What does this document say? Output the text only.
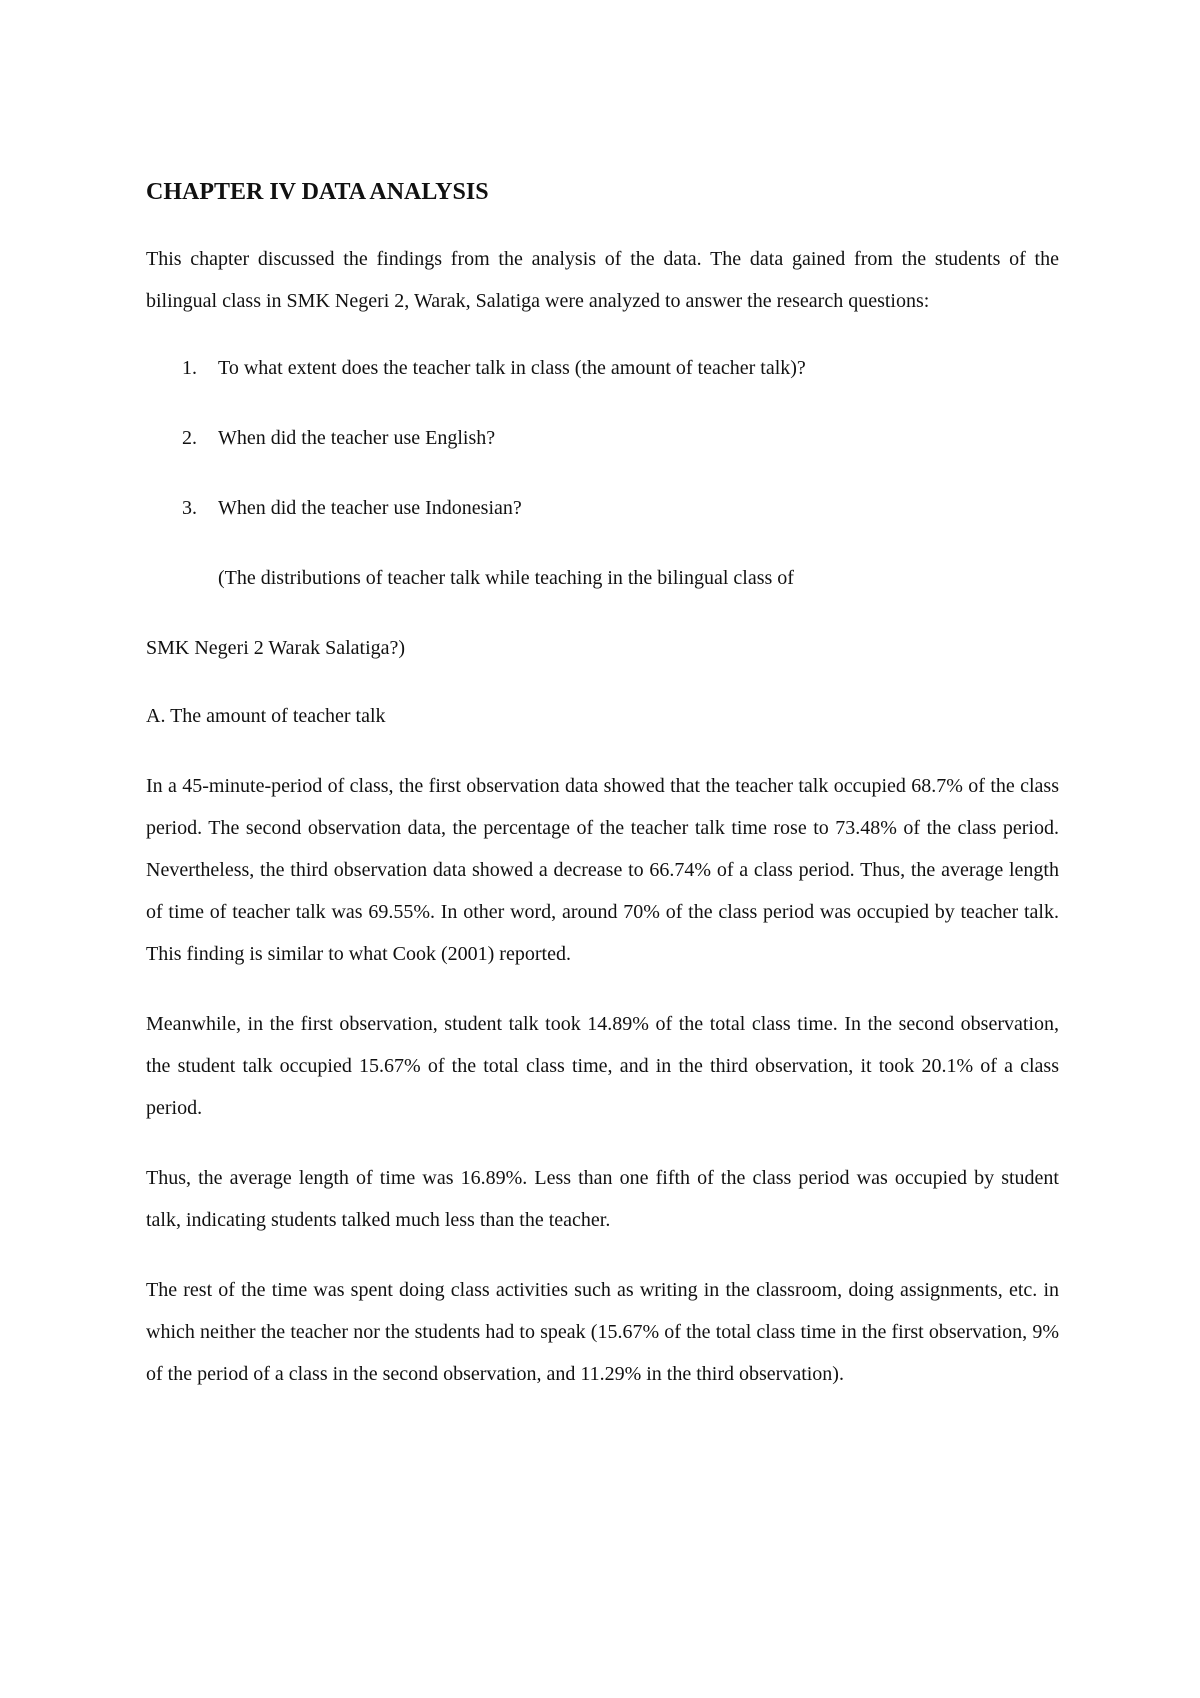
CHAPTER IV DATA ANALYSIS

This chapter discussed the findings from the analysis of the data. The data gained from the students of the bilingual class in SMK Negeri 2, Warak, Salatiga were analyzed to answer the research questions:

1. To what extent does the teacher talk in class (the amount of teacher talk)?
2. When did the teacher use English?
3. When did the teacher use Indonesian?

(The distributions of teacher talk while teaching in the bilingual class of

SMK Negeri 2 Warak Salatiga?)

A. The amount of teacher talk

In a 45-minute-period of class, the first observation data showed that the teacher talk occupied 68.7% of the class period. The second observation data, the percentage of the teacher talk time rose to 73.48% of the class period. Nevertheless, the third observation data showed a decrease to 66.74% of a class period. Thus, the average length of time of teacher talk was 69.55%. In other word, around 70% of the class period was occupied by teacher talk. This finding is similar to what Cook (2001) reported.

Meanwhile, in the first observation, student talk took 14.89% of the total class time. In the second observation, the student talk occupied 15.67% of the total class time, and in the third observation, it took 20.1% of a class period.

Thus, the average length of time was 16.89%. Less than one fifth of the class period was occupied by student talk, indicating students talked much less than the teacher.

The rest of the time was spent doing class activities such as writing in the classroom, doing assignments, etc. in which neither the teacher nor the students had to speak (15.67% of the total class time in the first observation, 9% of the period of a class in the second observation, and 11.29% in the third observation).
